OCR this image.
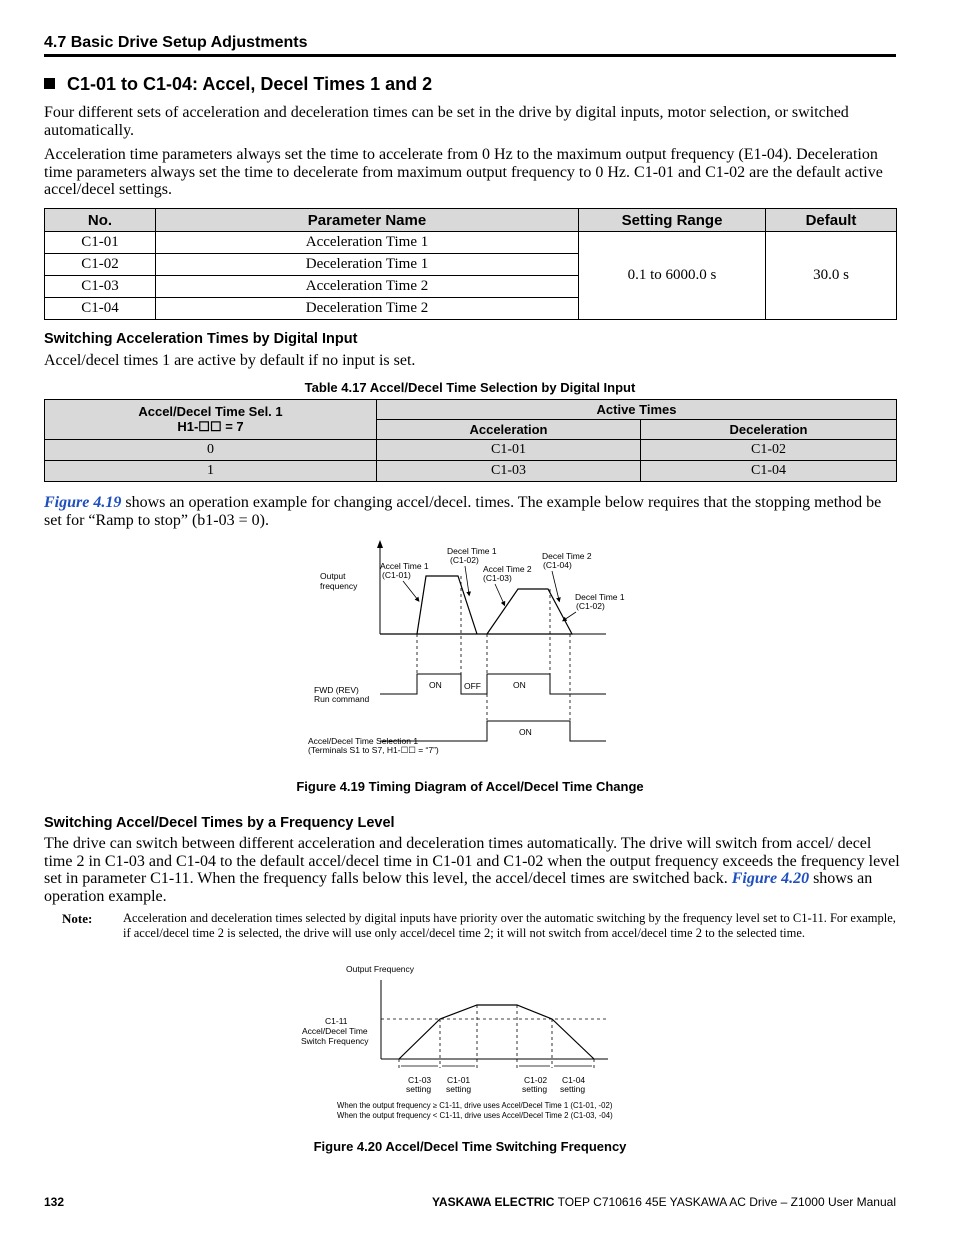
4.7 Basic Drive Setup Adjustments
C1-01 to C1-04: Accel, Decel Times 1 and 2
Four different sets of acceleration and deceleration times can be set in the drive by digital inputs, motor selection, or switched automatically.
Acceleration time parameters always set the time to accelerate from 0 Hz to the maximum output frequency (E1-04). Deceleration time parameters always set the time to decelerate from maximum output frequency to 0 Hz. C1-01 and C1-02 are the default active accel/decel settings.
No.	Parameter Name	Setting Range	Default
C1-01	Acceleration Time 1	0.1 to 6000.0 s	30.0 s
C1-02	Deceleration Time 1		
C1-03	Acceleration Time 2		
C1-04	Deceleration Time 2		
Switching Acceleration Times by Digital Input
Accel/decel times 1 are active by default if no input is set.
Table 4.17 Accel/Decel Time Selection by Digital Input
Accel/Decel Time Sel. 1
H1-☐☐ = 7	Active Times	
	Acceleration	Deceleration
0	C1-01	C1-02
1	C1-03	C1-04
Figure 4.19 shows an operation example for changing accel/decel. times. The example below requires that the stopping method be set for “Ramp to stop” (b1-03 = 0).
Output
frequency
Accel Time 1
(C1-01)
Decel Time 1
(C1-02)
Accel Time 2
(C1-03)
Decel Time 2
(C1-04)
Decel Time 1
(C1-02)
ON	OFF	ON
FWD (REV)
Run command
ON
Accel/Decel Time Selection 1
(Terminals S1 to S7, H1-☐☐ = “7”)
Figure 4.19 Timing Diagram of Accel/Decel Time Change
Switching Accel/Decel Times by a Frequency Level
The drive can switch between different acceleration and deceleration times automatically. The drive will switch from accel/ decel time 2 in C1-03 and C1-04 to the default accel/decel time in C1-01 and C1-02 when the output frequency exceeds the frequency level set in parameter C1-11. When the frequency falls below this level, the accel/decel times are switched back. Figure 4.20 shows an operation example.
Note: Acceleration and deceleration times selected by digital inputs have priority over the automatic switching by the frequency level set to C1-11. For example, if accel/decel time 2 is selected, the drive will use only accel/decel time 2; it will not switch from accel/decel time 2 to the selected time.
Output Frequency
C1-11
Accel/Decel Time
Switch Frequency
C1-03
setting
C1-01
setting
C1-02
setting
C1-04
setting
When the output frequency ≥ C1-11, drive uses Accel/Decel Time 1 (C1-01, -02)
When the output frequency < C1-11, drive uses Accel/Decel Time 2 (C1-03, -04)
Figure 4.20 Accel/Decel Time Switching Frequency
132	YASKAWA ELECTRIC TOEP C710616 45E YASKAWA AC Drive – Z1000 User Manual
